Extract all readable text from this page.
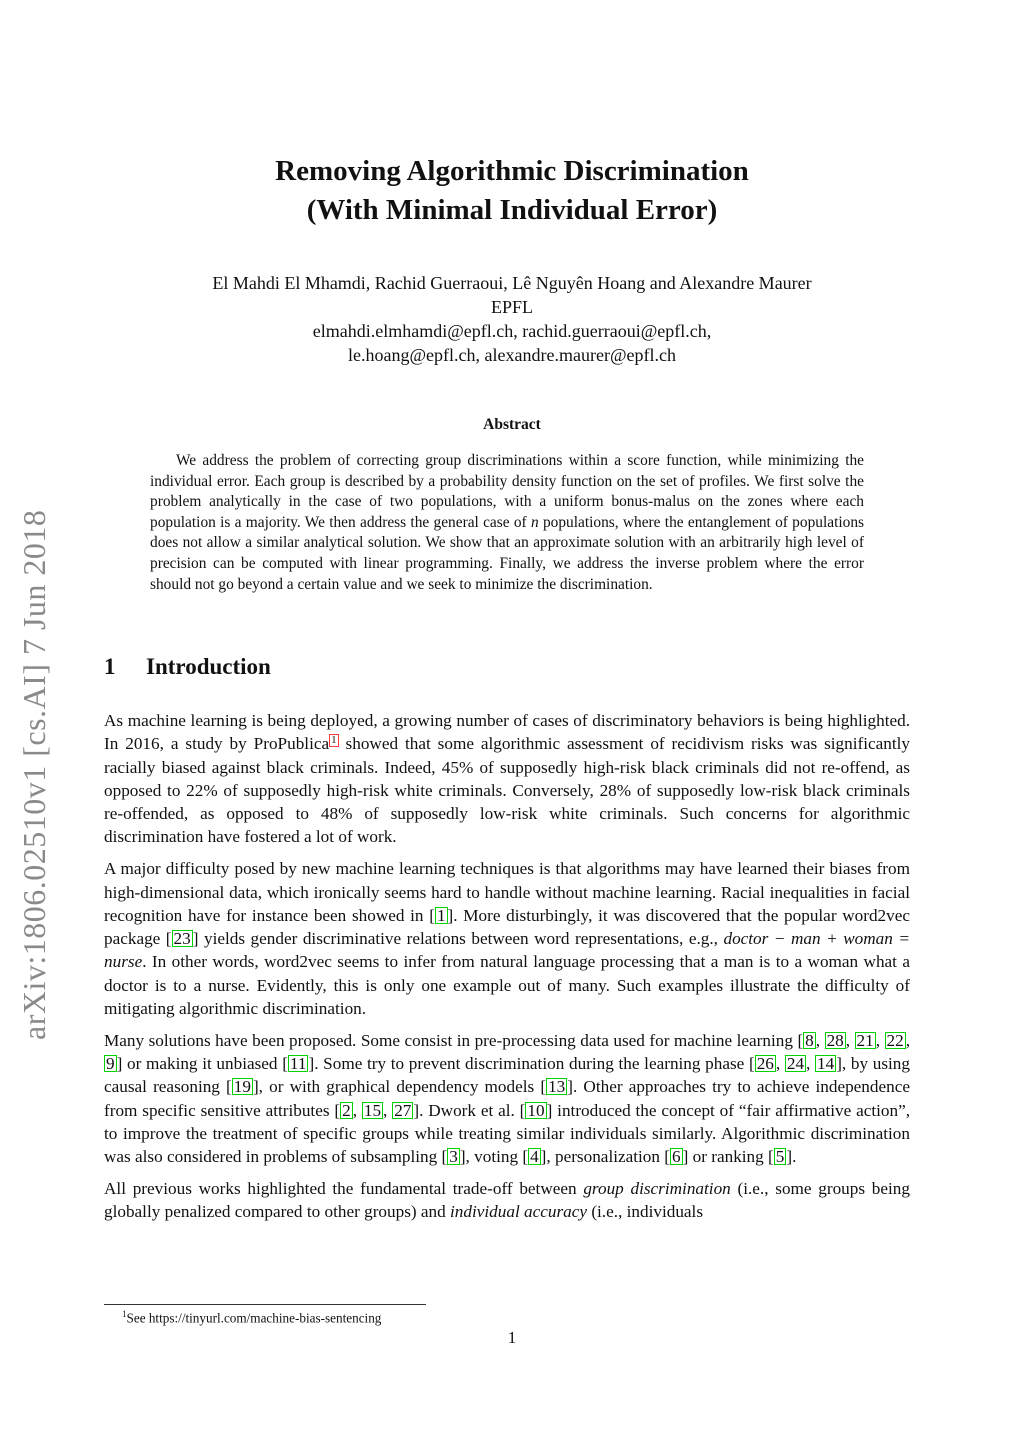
arXiv:1806.02510v1 [cs.AI] 7 Jun 2018
Removing Algorithmic Discrimination
(With Minimal Individual Error)
El Mahdi El Mhamdi, Rachid Guerraoui, Lê Nguyên Hoang and Alexandre Maurer
EPFL
elmahdi.elmhamdi@epfl.ch, rachid.guerraoui@epfl.ch,
le.hoang@epfl.ch, alexandre.maurer@epfl.ch
Abstract
We address the problem of correcting group discriminations within a score function, while minimizing the individual error. Each group is described by a probability density function on the set of profiles. We first solve the problem analytically in the case of two populations, with a uniform bonus-malus on the zones where each population is a majority. We then address the general case of n populations, where the entanglement of populations does not allow a similar analytical solution. We show that an approximate solution with an arbitrarily high level of precision can be computed with linear programming. Finally, we address the inverse problem where the error should not go beyond a certain value and we seek to minimize the discrimination.
1 Introduction

As machine learning is being deployed, a growing number of cases of discriminatory behaviors is being highlighted. In 2016, a study by ProPublica 1 showed that some algorithmic assessment of recidivism risks was significantly racially biased against black criminals. Indeed, 45% of supposedly high-risk black criminals did not re-offend, as opposed to 22% of supposedly high-risk white criminals. Conversely, 28% of supposedly low-risk black criminals re-offended, as opposed to 48% of supposedly low-risk white criminals. Such concerns for algorithmic discrimination have fostered a lot of work.

A major difficulty posed by new machine learning techniques is that algorithms may have learned their biases from high-dimensional data, which ironically seems hard to handle without machine learning. Racial inequalities in facial recognition have for instance been showed in [ 1 ]. More disturbingly, it was discovered that the popular word2vec package [ 23 ] yields gender discriminative relations between word representations, e.g., doctor − man + woman = nurse. In other words, word2vec seems to infer from natural language processing that a man is to a woman what a doctor is to a nurse. Evidently, this is only one example out of many. Such examples illustrate the difficulty of mitigating algorithmic discrimination.

Many solutions have been proposed. Some consist in pre-processing data used for machine learning [ 8 , 28 , 21 , 22 , 9 ] or making it unbiased [ 11 ]. Some try to prevent discrimination during the learning phase [ 26 , 24 , 14 ], by using causal reasoning [ 19 ], or with graphical dependency models [ 13 ]. Other approaches try to achieve independence from specific sensitive attributes [ 2 , 15 , 27 ]. Dwork et al. [ 10 ] introduced the concept of “fair affirmative action”, to improve the treatment of specific groups while treating similar individuals similarly. Algorithmic discrimination was also considered in problems of subsampling [ 3 ], voting [ 4 ], personalization [ 6 ] or ranking [ 5 ].

All previous works highlighted the fundamental trade-off between group discrimination (i.e., some groups being globally penalized compared to other groups) and individual accuracy (i.e., individuals

$^1$See https://tinyurl.com/machine-bias-sentencing
1
